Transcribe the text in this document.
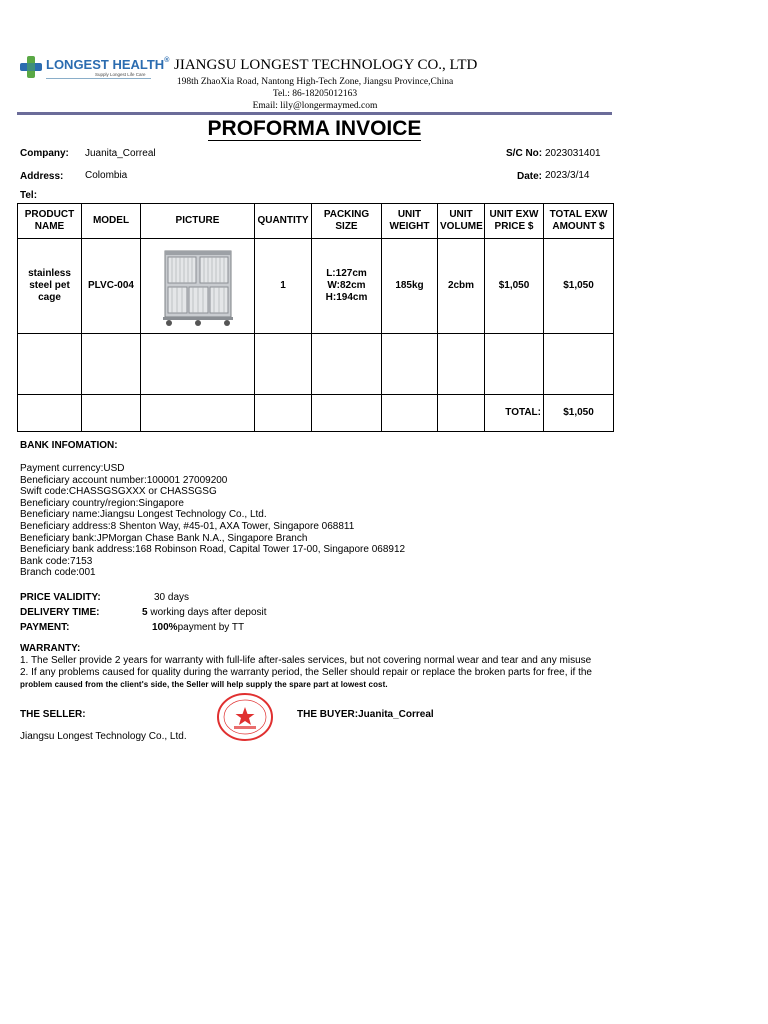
LONGEST HEALTH®
Supply Longest Life Care
JIANGSU LONGEST TECHNOLOGY CO., LTD
198th ZhaoXia Road, Nantong High-Tech Zone, Jiangsu Province,China
Tel.: 86-18205012163
Email: lily@longermaymed.com
PROFORMA INVOICE
Company: Juanita_Correal
Address: Colombia
Tel:
S/C No: 2023031401
Date: 2023/3/14
PRODUCT NAME	MODEL	PICTURE	QUANTITY	PACKING SIZE	UNIT WEIGHT	UNIT VOLUME	UNIT EXW PRICE $	TOTAL EXW AMOUNT $
stainless steel pet cage	PLVC-004		1	L:127cm
W:82cm
H:194cm	185kg	2cbm	$1,050	$1,050

							TOTAL:	$1,050
BANK INFOMATION:
Payment currency:USD
Beneficiary account number:100001 27009200
Swift code:CHASSGSGXXX or CHASSGSG
Beneficiary country/region:Singapore
Beneficiary name:Jiangsu Longest Technology Co., Ltd.
Beneficiary address:8 Shenton Way, #45-01, AXA Tower, Singapore 068811
Beneficiary bank:JPMorgan Chase Bank N.A., Singapore Branch
Beneficiary bank address:168 Robinson Road, Capital Tower 17-00, Singapore 068912
Bank code:7153
Branch code:001
PRICE VALIDITY:	30 days
DELIVERY TIME:	5 working days after deposit
PAYMENT:	100%payment by TT
WARRANTY:
1. The Seller provide 2 years for warranty with full-life after-sales services, but not covering normal wear and tear and any misuse
2. If any problems caused for quality during the warranty period, the Seller should repair or replace the broken parts for free, if the
problem caused from the client's side, the Seller will help supply the spare part at lowest cost.
THE SELLER:	THE BUYER:Juanita_Correal
Jiangsu Longest Technology Co., Ltd.
